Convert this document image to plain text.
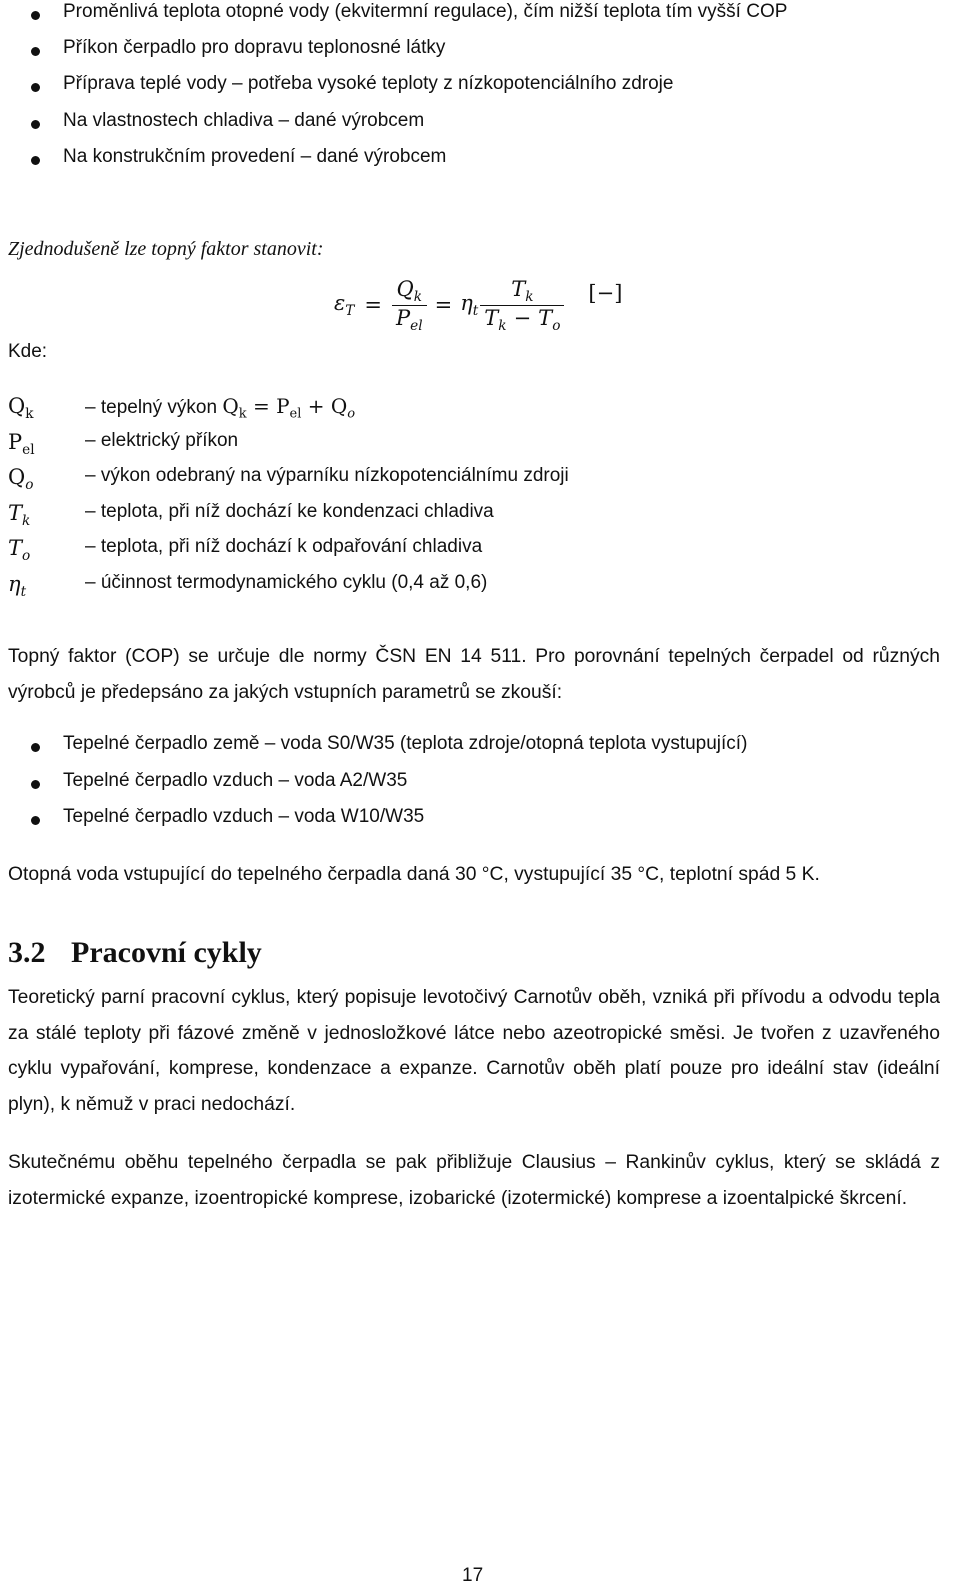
Proměnlivá teplota otopné vody (ekvitermní regulace), čím nižší teplota tím vyšší COP
Příkon čerpadlo pro dopravu teplonosné látky
Příprava teplé vody – potřeba vysoké teploty z nízkopotenciálního zdroje
Na vlastnostech chladiva – dané výrobcem
Na konstrukčním provedení – dané výrobcem
Zjednodušeně lze topný faktor stanovit:
$\varepsilon_T = \frac{Q_k}{P_{el}} = \eta_t \frac{T_k}{T_k - T_o}$ [−]
Kde:
$Q_k$	– tepelný výkon $Q_k = P_{el} + Q_o$
$P_{el}$	– elektrický příkon
$Q_o$	– výkon odebraný na výparníku nízkopotenciálnímu zdroji
$T_k$	– teplota, při níž dochází ke kondenzaci chladiva
$T_o$	– teplota, při níž dochází k odpařování chladiva
$\eta_t$	– účinnost termodynamického cyklu (0,4 až 0,6)
Topný faktor (COP) se určuje dle normy ČSN EN 14 511. Pro porovnání tepelných čerpadel od různých výrobců je předepsáno za jakých vstupních parametrů se zkouší:
Tepelné čerpadlo země – voda S0/W35 (teplota zdroje/otopná teplota vystupující)
Tepelné čerpadlo vzduch – voda A2/W35
Tepelné čerpadlo vzduch – voda W10/W35
Otopná voda vstupující do tepelného čerpadla daná 30 °C, vystupující 35 °C, teplotní spád 5 K.
3.2 Pracovní cykly
Teoretický parní pracovní cyklus, který popisuje levotočivý Carnotův oběh, vzniká při přívodu a odvodu tepla za stálé teploty při fázové změně v jednosložkové látce nebo azeotropické směsi. Je tvořen z uzavřeného cyklu vypařování, komprese, kondenzace a expanze. Carnotův oběh platí pouze pro ideální stav (ideální plyn), k němuž v praci nedochází.
Skutečnému oběhu tepelného čerpadla se pak přibližuje Clausius – Rankinův cyklus, který se skládá z izotermické expanze, izoentropické komprese, izobarické (izotermické) komprese a izoentalpické škrcení.
17
